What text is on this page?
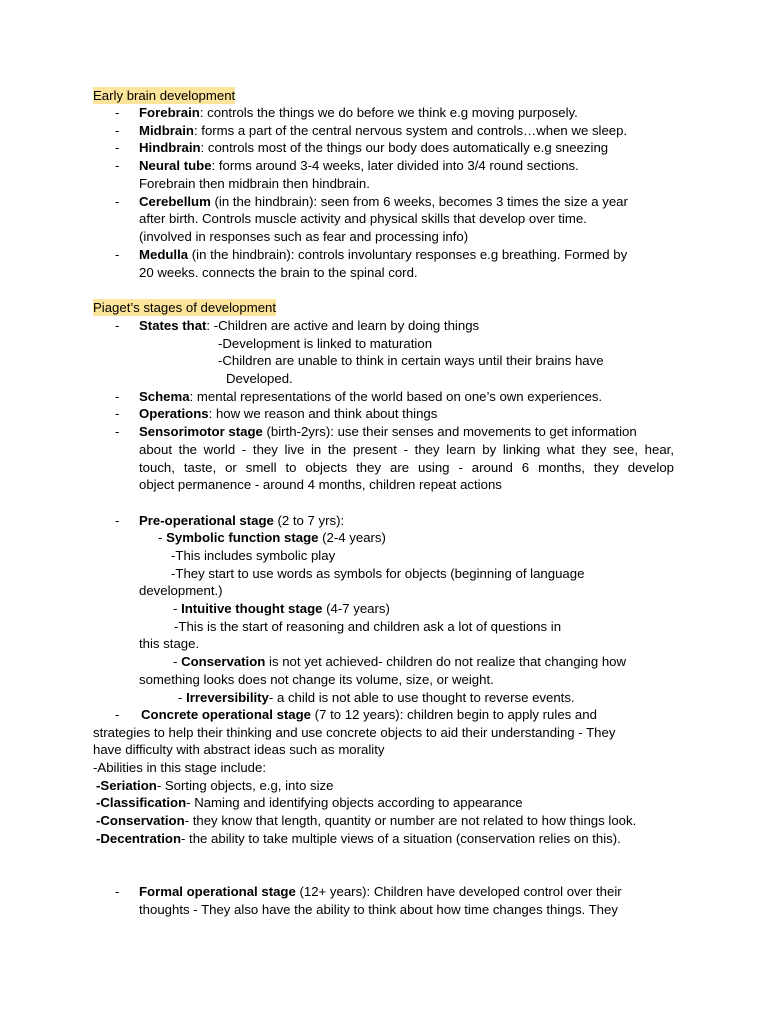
Early brain development
- Forebrain: controls the things we do before we think e.g moving purposely.
- Midbrain: forms a part of the central nervous system and controls…when we sleep.
- Hindbrain: controls most of the things our body does automatically e.g sneezing
- Neural tube: forms around 3-4 weeks, later divided into 3/4 round sections.
Forebrain then midbrain then hindbrain.
- Cerebellum (in the hindbrain): seen from 6 weeks, becomes 3 times the size a year
after birth. Controls muscle activity and physical skills that develop over time.
(involved in responses such as fear and processing info)
- Medulla (in the hindbrain): controls involuntary responses e.g breathing. Formed by
20 weeks. connects the brain to the spinal cord.
Piaget’s stages of development
- States that: -Children are active and learn by doing things
-Development is linked to maturation
-Children are unable to think in certain ways until their brains have
Developed.
- Schema: mental representations of the world based on one’s own experiences.
- Operations: how we reason and think about things
- Sensorimotor stage (birth-2yrs): use their senses and movements to get information
about the world - they live in the present - they learn by linking what they see, hear,
touch, taste, or smell to objects they are using - around 6 months, they develop
object permanence - around 4 months, children repeat actions
- Pre-operational stage (2 to 7 yrs):
- Symbolic function stage (2-4 years)
-This includes symbolic play
-They start to use words as symbols for objects (beginning of language
development.)
- Intuitive thought stage (4-7 years)
-This is the start of reasoning and children ask a lot of questions in
this stage.
- Conservation is not yet achieved- children do not realize that changing how
something looks does not change its volume, size, or weight.
- Irreversibility- a child is not able to use thought to reverse events.
- Concrete operational stage (7 to 12 years): children begin to apply rules and
strategies to help their thinking and use concrete objects to aid their understanding - They
have difficulty with abstract ideas such as morality
-Abilities in this stage include:
-Seriation- Sorting objects, e.g, into size
-Classification- Naming and identifying objects according to appearance
-Conservation- they know that length, quantity or number are not related to how things look.
-Decentration- the ability to take multiple views of a situation (conservation relies on this).
- Formal operational stage (12+ years): Children have developed control over their
thoughts - They also have the ability to think about how time changes things. They
